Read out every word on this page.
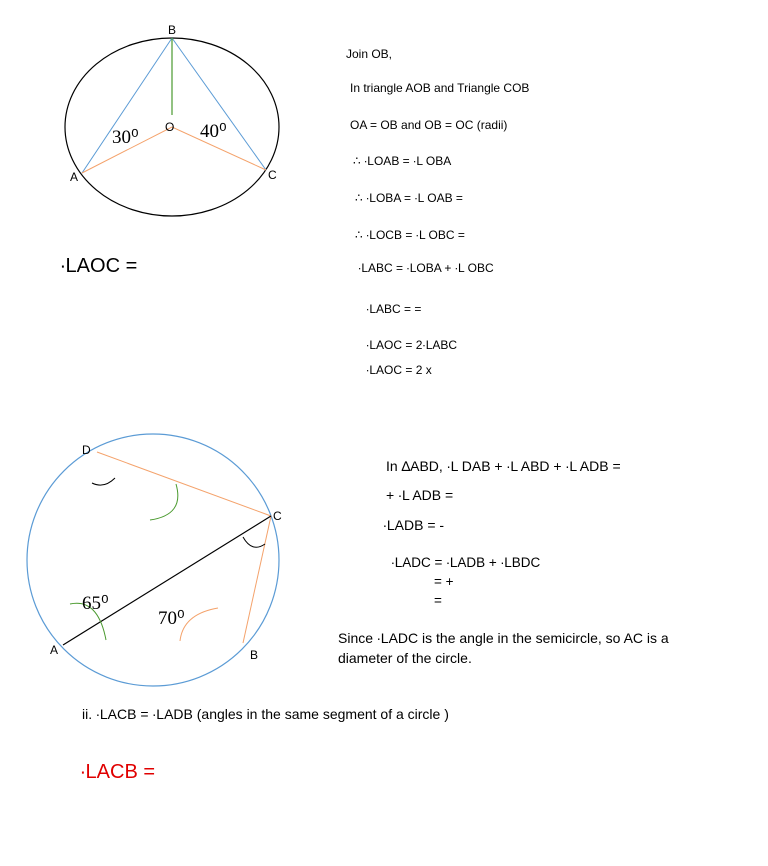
B
O
A	C
30⁰	40⁰
D
C
A	B
65⁰
70⁰
Join OB,
In triangle AOB and Triangle COB
OA = OB and OB = OC (radii)
∴ ∙LOAB = ∙L OBA
∴ ∙LOBA = ∙L OAB =
∴ ∙LOCB = ∙L OBC =
∙LABC = ∙LOBA + ∙L OBC
∙LABC = =
∙LAOC = 2∙LABC
∙LAOC = 2 x
∙LAOC =
In ∆ABD, ∙L DAB + ∙L ABD + ∙L ADB =
+ ∙L ADB =
∙LADB = -
∙LADC = ∙LADB + ∙LBDC
= +
=
Since ∙LADC is the angle in the semicircle, so AC is a
diameter of the circle.
ii. ∙LACB = ∙LADB (angles in the same segment of a circle )
∙LACB =
